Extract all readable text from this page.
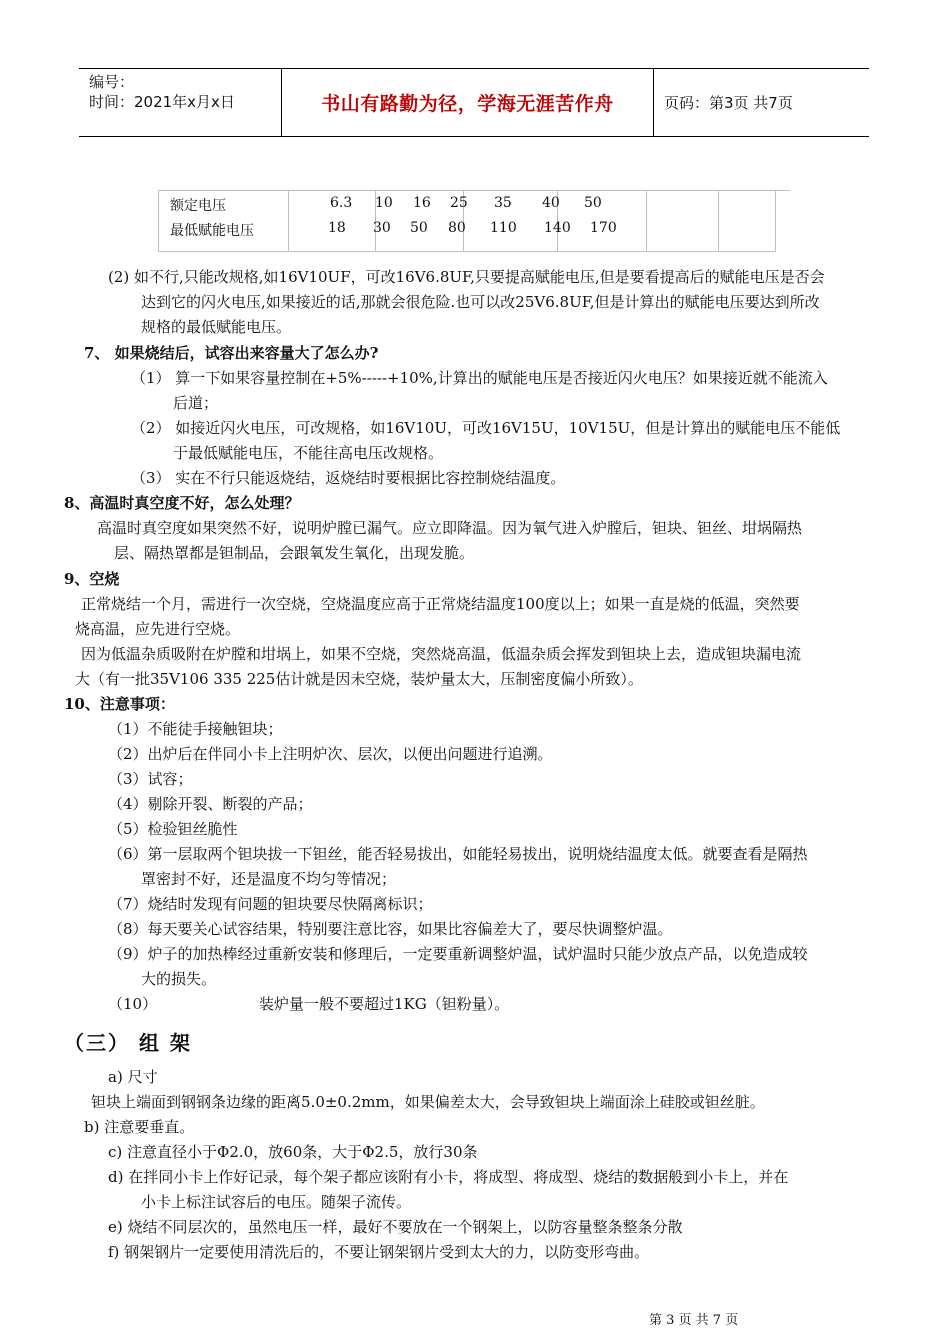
编号：
时间：2021年x月x日	书山有路勤为径，学海无涯苦作舟	页码：第3页 共7页
额定电压	6.3 10 16 25 35 40 50
最低赋能电压	18 30 50 80 110 140 170
(2) 如不行,只能改规格,如16V10UF，可改16V6.8UF,只要提高赋能电压,但是要看提高后的赋能电压是否会
达到它的闪火电压,如果接近的话,那就会很危险.也可以改25V6.8UF,但是计算出的赋能电压要达到所改
规格的最低赋能电压。
7、 如果烧结后，试容出来容量大了怎么办?
（1） 算一下如果容量控制在+5%-----+10%,计算出的赋能电压是否接近闪火电压？如果接近就不能流入
后道；
（2） 如接近闪火电压，可改规格，如16V10U，可改16V15U，10V15U，但是计算出的赋能电压不能低
于最低赋能电压，不能往高电压改规格。
（3） 实在不行只能返烧结，返烧结时要根据比容控制烧结温度。
8、高温时真空度不好，怎么处理？
高温时真空度如果突然不好，说明炉膛已漏气。应立即降温。因为氧气进入炉膛后，钽块、钽丝、坩埚隔热
层、隔热罩都是钽制品，会跟氧发生氧化，出现发脆。
9、空烧
正常烧结一个月，需进行一次空烧，空烧温度应高于正常烧结温度100度以上；如果一直是烧的低温，突然要
烧高温，应先进行空烧。
因为低温杂质吸附在炉膛和坩埚上，如果不空烧，突然烧高温，低温杂质会挥发到钽块上去，造成钽块漏电流
大（有一批35V106 335 225估计就是因未空烧，装炉量太大，压制密度偏小所致）。
10、注意事项：
（1）不能徒手接触钽块；
（2）出炉后在伴同小卡上注明炉次、层次，以便出问题进行追溯。
（3）试容；
（4）剔除开裂、断裂的产品；
（5）检验钽丝脆性
（6）第一层取两个钽块拔一下钽丝，能否轻易拔出，如能轻易拔出，说明烧结温度太低。就要查看是隔热
罩密封不好，还是温度不均匀等情况；
（7）烧结时发现有问题的钽块要尽快隔离标识；
（8）每天要关心试容结果，特别要注意比容，如果比容偏差大了，要尽快调整炉温。
（9）炉子的加热棒经过重新安装和修理后，一定要重新调整炉温，试炉温时只能少放点产品，以免造成较
大的损失。
（10）	装炉量一般不要超过1KG（钽粉量）。
（三） 组 架
a) 尺寸
钽块上端面到钢钢条边缘的距离5.0±0.2mm，如果偏差太大，会导致钽块上端面涂上硅胶或钽丝脏。
b) 注意要垂直。
c) 注意直径小于Φ2.0，放60条，大于Φ2.5，放行30条
d) 在拌同小卡上作好记录，每个架子都应该附有小卡，将成型、将成型、烧结的数据般到小卡上，并在
小卡上标注试容后的电压。随架子流传。
e) 烧结不同层次的，虽然电压一样，最好不要放在一个钢架上，以防容量整条整条分散
f) 钢架钢片一定要使用清洗后的，不要让钢架钢片受到太大的力，以防变形弯曲。
第 3 页 共 7 页
